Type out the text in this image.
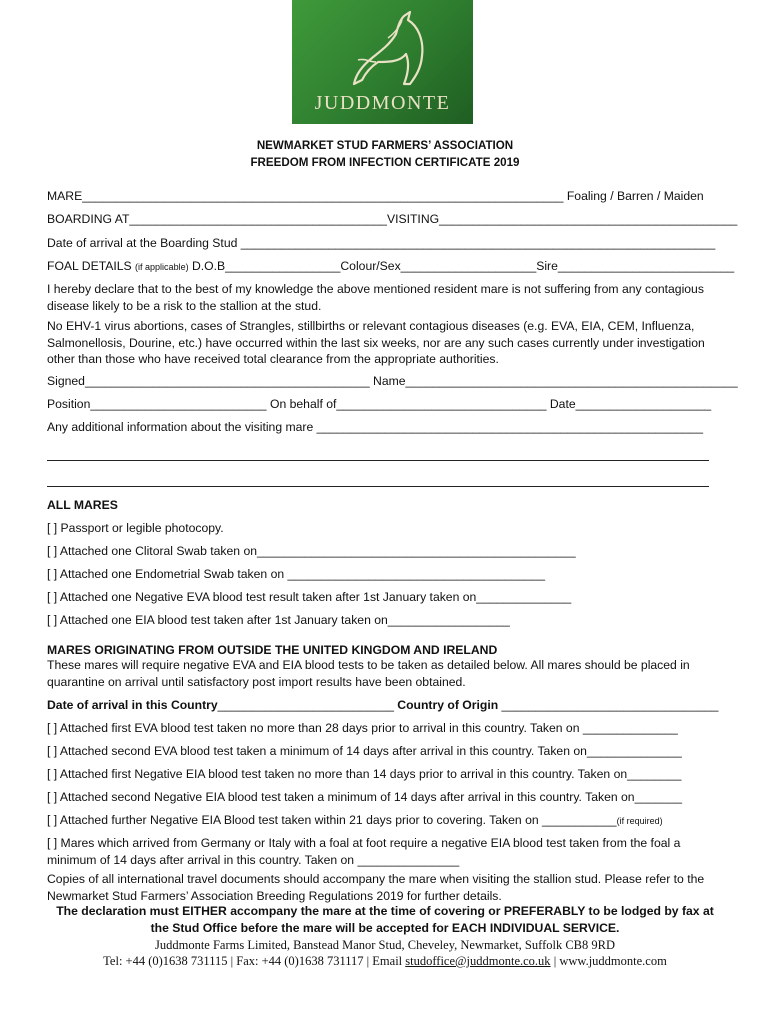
JUDDMONTE
NEWMARKET STUD FARMERS’ ASSOCIATION
FREEDOM FROM INFECTION CERTIFICATE 2019
MARE_______________________________________________________________________ Foaling / Barren / Maiden
BOARDING AT______________________________________VISITING____________________________________________
Date of arrival at the Boarding Stud ______________________________________________________________________
FOAL DETAILS (if applicable) D.O.B_________________Colour/Sex____________________Sire__________________________
I hereby declare that to the best of my knowledge the above mentioned resident mare is not suffering from any contagious disease likely to be a risk to the stallion at the stud.
No EHV-1 virus abortions, cases of Strangles, stillbirths or relevant contagious diseases (e.g. EVA, EIA, CEM, Influenza, Salmonellosis, Dourine, etc.) have occurred within the last six weeks, nor are any such cases currently under investigation other than those who have received total clearance from the appropriate authorities.
Signed__________________________________________ Name_________________________________________________
Position__________________________ On behalf of_______________________________ Date____________________
Any additional information about the visiting mare _________________________________________________________
ALL MARES
[ ] Passport or legible photocopy.
[ ] Attached one Clitoral Swab taken on_______________________________________________
[ ] Attached one Endometrial Swab taken on ______________________________________
[ ] Attached one Negative EVA blood test result taken after 1st January taken on______________
[ ] Attached one EIA blood test taken after 1st January taken on__________________
MARES ORIGINATING FROM OUTSIDE THE UNITED KINGDOM AND IRELAND
These mares will require negative EVA and EIA blood tests to be taken as detailed below. All mares should be placed in quarantine on arrival until satisfactory post import results have been obtained.
Date of arrival in this Country__________________________ Country of Origin ________________________________
[ ] Attached first EVA blood test taken no more than 28 days prior to arrival in this country. Taken on ______________
[ ] Attached second EVA blood test taken a minimum of 14 days after arrival in this country. Taken on______________
[ ] Attached first Negative EIA blood test taken no more than 14 days prior to arrival in this country. Taken on________
[ ] Attached second Negative EIA blood test taken a minimum of 14 days after arrival in this country. Taken on_______
[ ] Attached further Negative EIA Blood test taken within 21 days prior to covering. Taken on ___________(if required)
[ ] Mares which arrived from Germany or Italy with a foal at foot require a negative EIA blood test taken from the foal a minimum of 14 days after arrival in this country. Taken on _______________
Copies of all international travel documents should accompany the mare when visiting the stallion stud. Please refer to the Newmarket Stud Farmers’ Association Breeding Regulations 2019 for further details.
The declaration must EITHER accompany the mare at the time of covering or PREFERABLY to be lodged by fax at the Stud Office before the mare will be accepted for EACH INDIVIDUAL SERVICE.
Juddmonte Farms Limited, Banstead Manor Stud, Cheveley, Newmarket, Suffolk CB8 9RD
Tel: +44 (0)1638 731115 | Fax: +44 (0)1638 731117 | Email studoffice@juddmonte.co.uk | www.juddmonte.com
